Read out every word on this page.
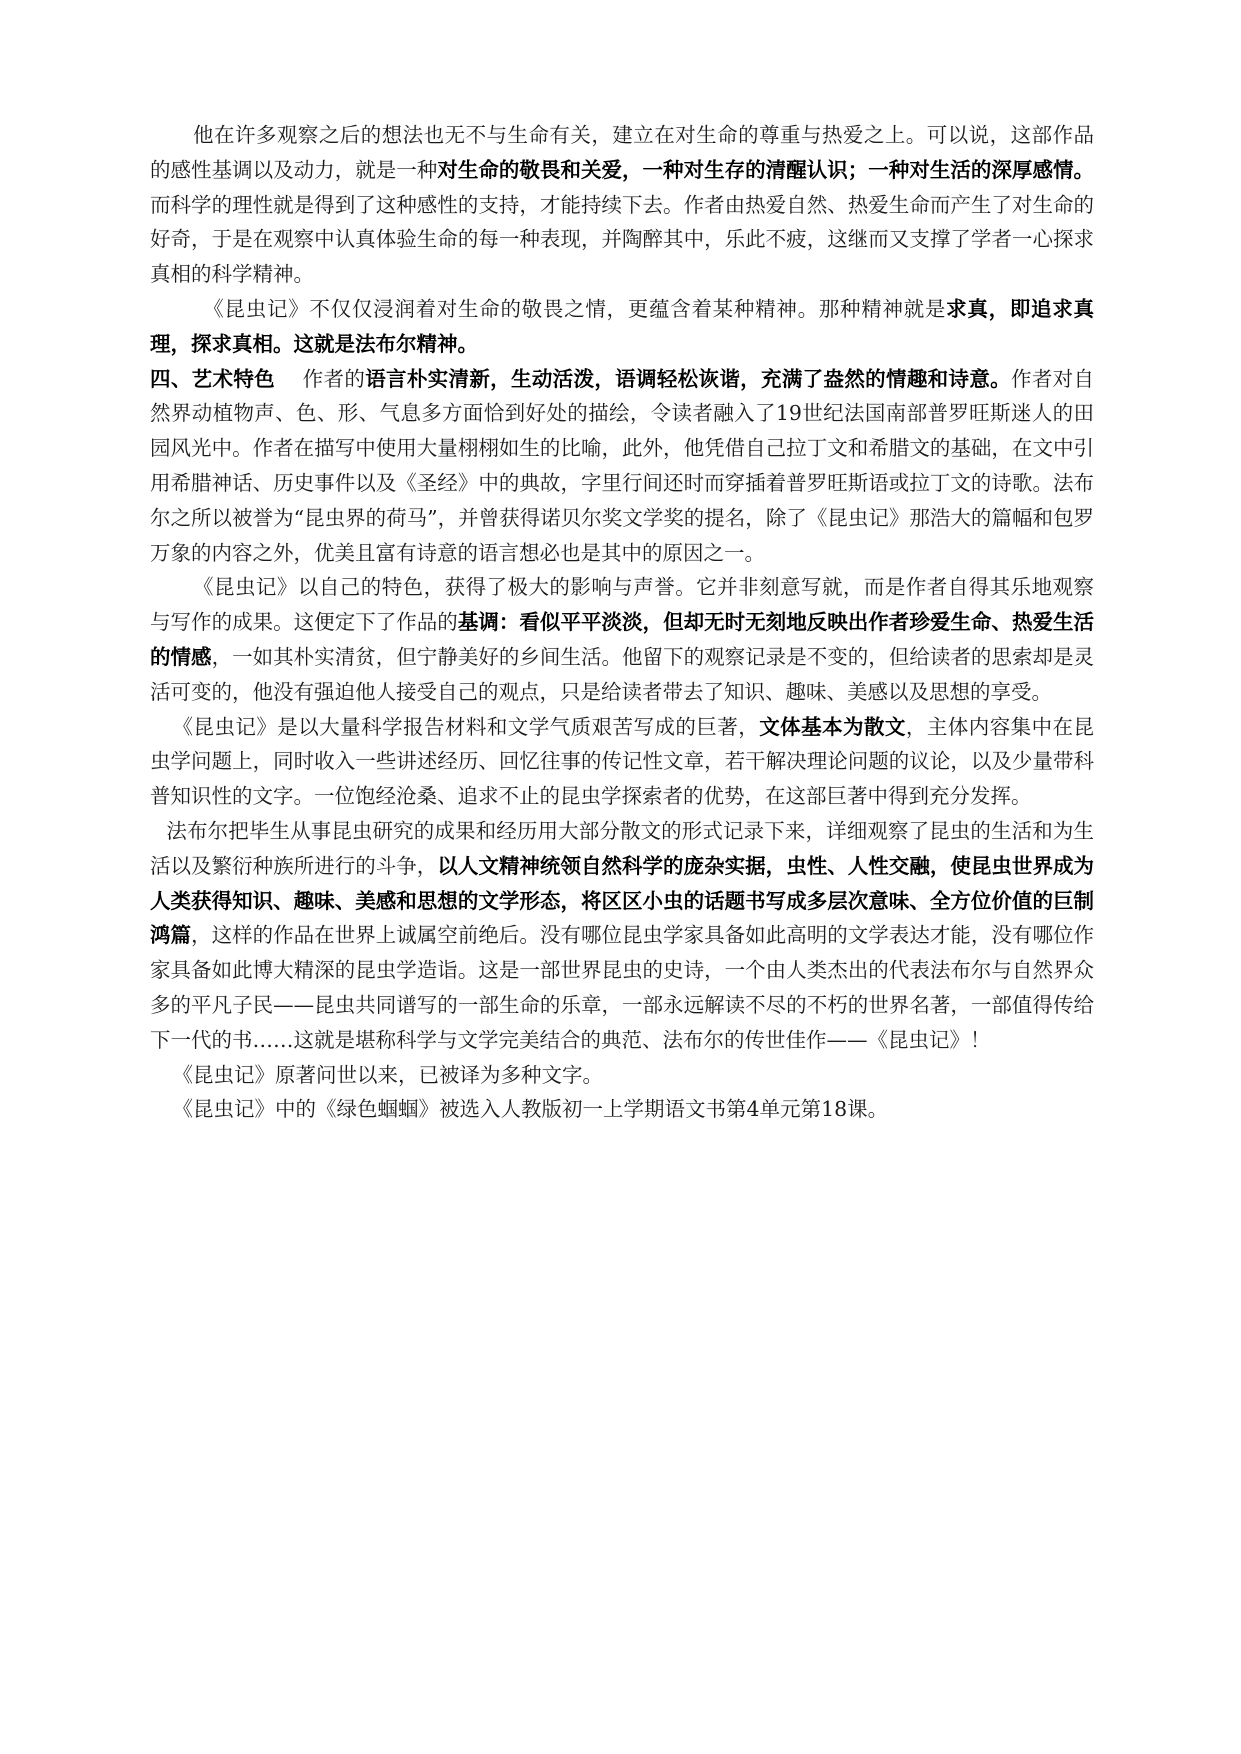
他在许多观察之后的想法也无不与生命有关，建立在对生命的尊重与热爱之上。可以说，这部作品的感性基调以及动力，就是一种对生命的敬畏和关爱，一种对生存的清醒认识；一种对生活的深厚感情。而科学的理性就是得到了这种感性的支持，才能持续下去。作者由热爱自然、热爱生命而产生了对生命的好奇，于是在观察中认真体验生命的每一种表现，并陶醉其中，乐此不疲，这继而又支撑了学者一心探求真相的科学精神。

《昆虫记》不仅仅浸润着对生命的敬畏之情，更蕴含着某种精神。那种精神就是求真，即追求真理，探求真相。这就是法布尔精神。

四、艺术特色　 作者的语言朴实清新，生动活泼，语调轻松诙谐，充满了盎然的情趣和诗意。作者对自然界动植物声、色、形、气息多方面恰到好处的描绘，令读者融入了19世纪法国南部普罗旺斯迷人的田园风光中。作者在描写中使用大量栩栩如生的比喻，此外，他凭借自己拉丁文和希腊文的基础，在文中引用希腊神话、历史事件以及《圣经》中的典故，字里行间还时而穿插着普罗旺斯语或拉丁文的诗歌。法布尔之所以被誉为“昆虫界的荷马”，并曾获得诺贝尔奖文学奖的提名，除了《昆虫记》那浩大的篇幅和包罗万象的内容之外，优美且富有诗意的语言想必也是其中的原因之一。

《昆虫记》以自己的特色，获得了极大的影响与声誉。它并非刻意写就，而是作者自得其乐地观察与写作的成果。这便定下了作品的基调：看似平平淡淡，但却无时无刻地反映出作者珍爱生命、热爱生活的情感，一如其朴实清贫，但宁静美好的乡间生活。他留下的观察记录是不变的，但给读者的思索却是灵活可变的，他没有强迫他人接受自己的观点，只是给读者带去了知识、趣味、美感以及思想的享受。

《昆虫记》是以大量科学报告材料和文学气质艰苦写成的巨著，文体基本为散文，主体内容集中在昆虫学问题上，同时收入一些讲述经历、回忆往事的传记性文章，若干解决理论问题的议论，以及少量带科普知识性的文字。一位饱经沧桑、追求不止的昆虫学探索者的优势，在这部巨著中得到充分发挥。

法布尔把毕生从事昆虫研究的成果和经历用大部分散文的形式记录下来，详细观察了昆虫的生活和为生活以及繁衍种族所进行的斗争，以人文精神统领自然科学的庞杂实据，虫性、人性交融，使昆虫世界成为人类获得知识、趣味、美感和思想的文学形态，将区区小虫的话题书写成多层次意味、全方位价值的巨制鸿篇，这样的作品在世界上诚属空前绝后。没有哪位昆虫学家具备如此高明的文学表达才能，没有哪位作家具备如此博大精深的昆虫学造诣。这是一部世界昆虫的史诗，一个由人类杰出的代表法布尔与自然界众多的平凡子民——昆虫共同谱写的一部生命的乐章，一部永远解读不尽的不朽的世界名著，一部值得传给下一代的书……这就是堪称科学与文学完美结合的典范、法布尔的传世佳作——《昆虫记》！

《昆虫记》原著问世以来，已被译为多种文字。

《昆虫记》中的《绿色蝈蝈》被选入人教版初一上学期语文书第4单元第18课。
